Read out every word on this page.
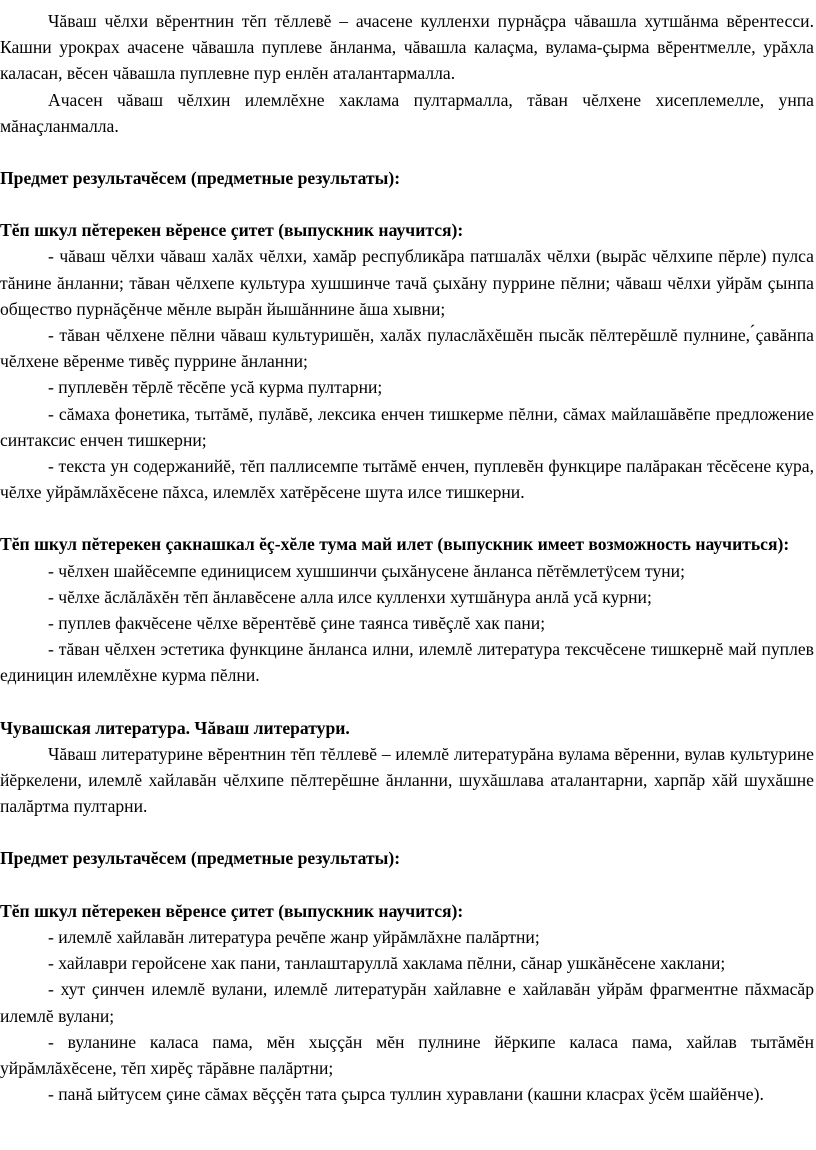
Чăваш чĕлхи вĕрентнин тĕп тĕллевĕ – ачасене кулленхи пурнăçра чăвашла хутшăнма вĕрентесси. Кашни урокрах ачасене чăвашла пуплеве ăнланма, чăвашла калаçма, вулама-çырма вĕрентмелле, урăхла каласан, вĕсен чăвашла пуплевне пур енлĕн аталантармалла.

Ачасен чăваш чĕлхин илемлĕхне хаклама пултармалла, тăван чĕлхене хисеплемелле, унпа мăнаçланмалла.

Предмет результачĕсем (предметные результаты):

Тĕп шкул пĕтерекен вĕренсе çитет (выпускник научится):

- чăваш чĕлхи чăваш халăх чĕлхи, хамăр республикăра патшалăх чĕлхи (вырăс чĕлхипе пĕрле) пулса тăнине ăнланни; тăван чĕлхепе культура хушшинче тачă çыхăну пуррине пĕлни; чăваш чĕлхи уйрăм çынпа общество пурнăçĕнче мĕнле вырăн йышăннине ăша хывни;

- тăван чĕлхене пĕлни чăваш культуришĕн, халăх пуласлăхĕшĕн пысăк пĕлтерĕшлĕ пулнине, ́çавăнпа чĕлхене вĕренме тивĕç пуррине ăнланни;

- пуплевĕн тĕрлĕ тĕсĕпе усă курма пултарни;

- сăмаха фонетика, тытăмĕ, пулăвĕ, лексика енчен тишкерме пĕлни, сăмах майлашăвĕпе предложение синтаксис енчен тишкерни;

- текста ун содержанийĕ, тĕп паллисемпе тытăмĕ енчен, пуплевĕн функцире палăракан тĕсĕсене кура, чĕлхе уйрăмлăхĕсене пăхса, илемлĕх хатĕрĕсене шута илсе тишкерни.

Тĕп шкул пĕтерекен çакнашкал ĕç-хĕле тума май илет (выпускник имеет возможность научиться):

- чĕлхен шайĕсемпе единицисем хушшинчи çыхăнусене ăнланса пĕтĕмлетÿсем туни;

- чĕлхе ăслăлăхĕн тĕп ăнлавĕсене алла илсе кулленхи хутшăнура анлă усă курни;

- пуплев факчĕсене чĕлхе вĕрентĕвĕ çине таянса тивĕçлĕ хак пани;

- тăван чĕлхен эстетика функцине ăнланса илни, илемлĕ литература тексчĕсене тишкернĕ май пуплев единицин илемлĕхне курма пĕлни.

Чувашская литература. Чăваш литератури.

Чăваш литературине вĕрентнин тĕп тĕллевĕ – илемлĕ литературăна вулама вĕренни, вулав культурине йĕркелени, илемлĕ хайлавăн чĕлхипе пĕлтерĕшне ăнланни, шухăшлава аталантарни, харпăр хăй шухăшне палăртма пултарни.

Предмет результачĕсем (предметные результаты):

Тĕп шкул пĕтерекен вĕренсе çитет (выпускник научится):

- илемлĕ хайлавăн литература речĕпе жанр уйрăмлăхне палăртни;

- хайлаври геройсене хак пани, танлаштаруллă хаклама пĕлни, сăнар ушкăнĕсене хаклани;

- хут çинчен илемлĕ вулани, илемлĕ литературăн хайлавне е хайлавăн уйрăм фрагментне пăхмасăр илемлĕ вулани;

- вуланине каласа пама, мĕн хыççăн мĕн пулнине йĕркипе каласа пама, хайлав тытăмĕн уйрăмлăхĕсене, тĕп хирĕç тăрăвне палăртни;

- панă ыйтусем çине сăмах вĕççĕн тата çырса туллин хуравлани (кашни класрах ÿсĕм шайĕнче).
